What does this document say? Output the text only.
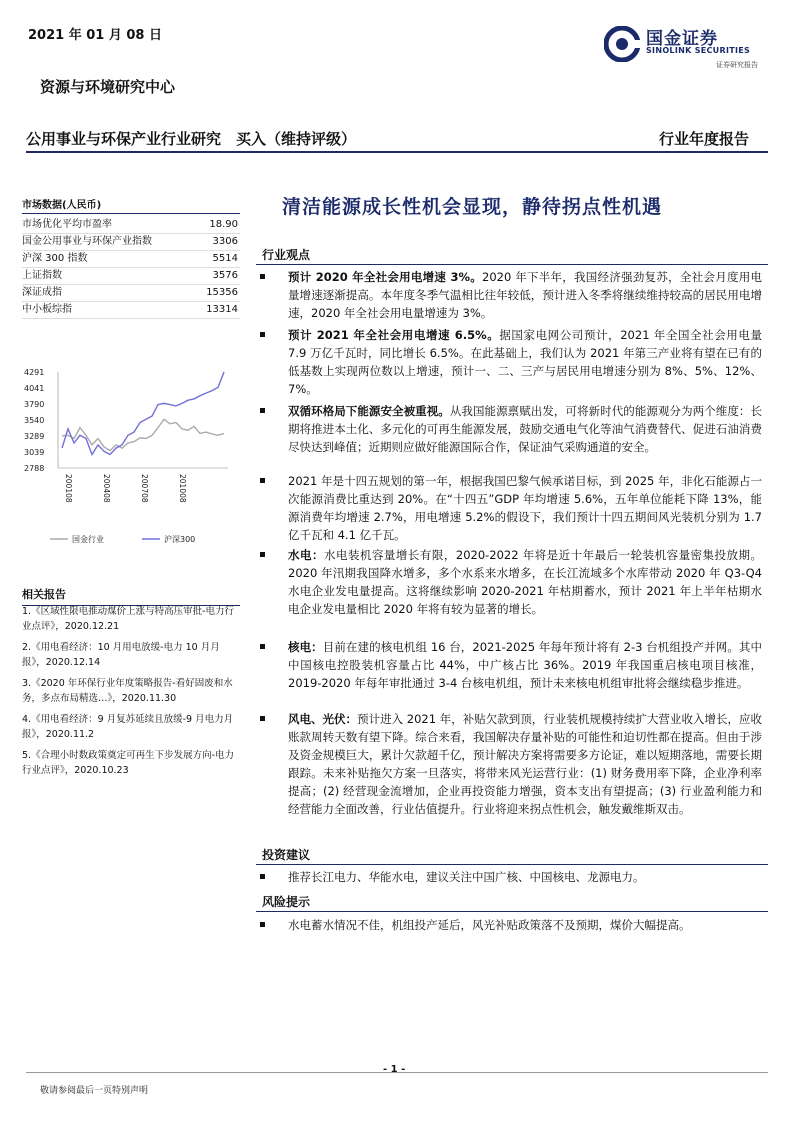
2021 年 01 月 08 日	国金证券
SINOLINK SECURITIES
证券研究报告
资源与环境研究中心
公用事业与环保产业行业研究　买入（维持评级）	行业年度报告
市场数据(人民币)
市场优化平均市盈率	18.90
国金公用事业与环保产业指数	3306
沪深 300 指数	5514
上证指数	3576
深证成指	15356
中小板综指	13314
4291
4041
3790
3540
3289
3039
2788
200108	200408	200708	201008
国金行业	沪深300
相关报告
1.《区域性限电推动煤价上涨与特高压审批-电力行业点评》，2020.12.21
2.《用电看经济：10 月用电放缓-电力 10 月月报》，2020.12.14
3.《2020 年环保行业年度策略报告-看好固废和水务，多点布局精选…》，2020.11.30
4.《用电看经济：9 月复苏延续且放缓-9 月电力月报》，2020.11.2
5.《合理小时数政策奠定可再生下步发展方向-电力行业点评》，2020.10.23
清洁能源成长性机会显现，静待拐点性机遇
行业观点
预计 2020 年全社会用电增速 3%。2020 年下半年，我国经济强劲复苏，全社会月度用电量增速逐渐提高。本年度冬季气温相比往年较低，预计进入冬季将继续维持较高的居民用电增速，2020 年全社会用电量增速为 3%。
预计 2021 年全社会用电增速 6.5%。据国家电网公司预计，2021 年全国全社会用电量 7.9 万亿千瓦时，同比增长 6.5%。在此基础上，我们认为 2021 年第三产业将有望在已有的低基数上实现两位数以上增速，预计一、二、三产与居民用电增速分别为 8%、5%、12%、7%。
双循环格局下能源安全被重视。从我国能源禀赋出发，可将新时代的能源观分为两个维度：长期将推进本土化、多元化的可再生能源发展，鼓励交通电气化等油气消费替代、促进石油消费尽快达到峰值；近期则应做好能源国际合作，保证油气采购通道的安全。
2021 年是十四五规划的第一年，根据我国巴黎气候承诺目标，到 2025 年，非化石能源占一次能源消费比重达到 20%。在“十四五”GDP 年均增速 5.6%，五年单位能耗下降 13%，能源消费年均增速 2.7%，用电增速 5.2%的假设下，我们预计十四五期间风光装机分别为 1.7 亿千瓦和 4.1 亿千瓦。
水电：水电装机容量增长有限，2020-2022 年将是近十年最后一轮装机容量密集投放期。2020 年汛期我国降水增多，多个水系来水增多，在长江流域多个水库带动 2020 年 Q3-Q4 水电企业发电量提高。这将继续影响 2020-2021 年枯期蓄水，预计 2021 年上半年枯期水电企业发电量相比 2020 年将有较为显著的增长。
核电：目前在建的核电机组 16 台，2021-2025 年每年预计将有 2-3 台机组投产并网。其中中国核电控股装机容量占比 44%，中广核占比 36%。2019 年我国重启核电项目核准，2019-2020 年每年审批通过 3-4 台核电机组，预计未来核电机组审批将会继续稳步推进。
风电、光伏：预计进入 2021 年，补贴欠款到顶，行业装机规模持续扩大营业收入增长，应收账款周转天数有望下降。综合来看，我国解决存量补贴的可能性和迫切性都在提高。但由于涉及资金规模巨大，累计欠款超千亿，预计解决方案将需要多方论证，难以短期落地，需要长期跟踪。未来补贴拖欠方案一旦落实，将带来风光运营行业：(1) 财务费用率下降，企业净利率提高；(2) 经营现金流增加，企业再投资能力增强，资本支出有望提高；(3) 行业盈利能力和经营能力全面改善，行业估值提升。行业将迎来拐点性机会，触发戴维斯双击。
投资建议
推荐长江电力、华能水电，建议关注中国广核、中国核电、龙源电力。
风险提示
水电蓄水情况不佳，机组投产延后，风光补贴政策落不及预期，煤价大幅提高。
- 1 -
敬请参阅最后一页特别声明
